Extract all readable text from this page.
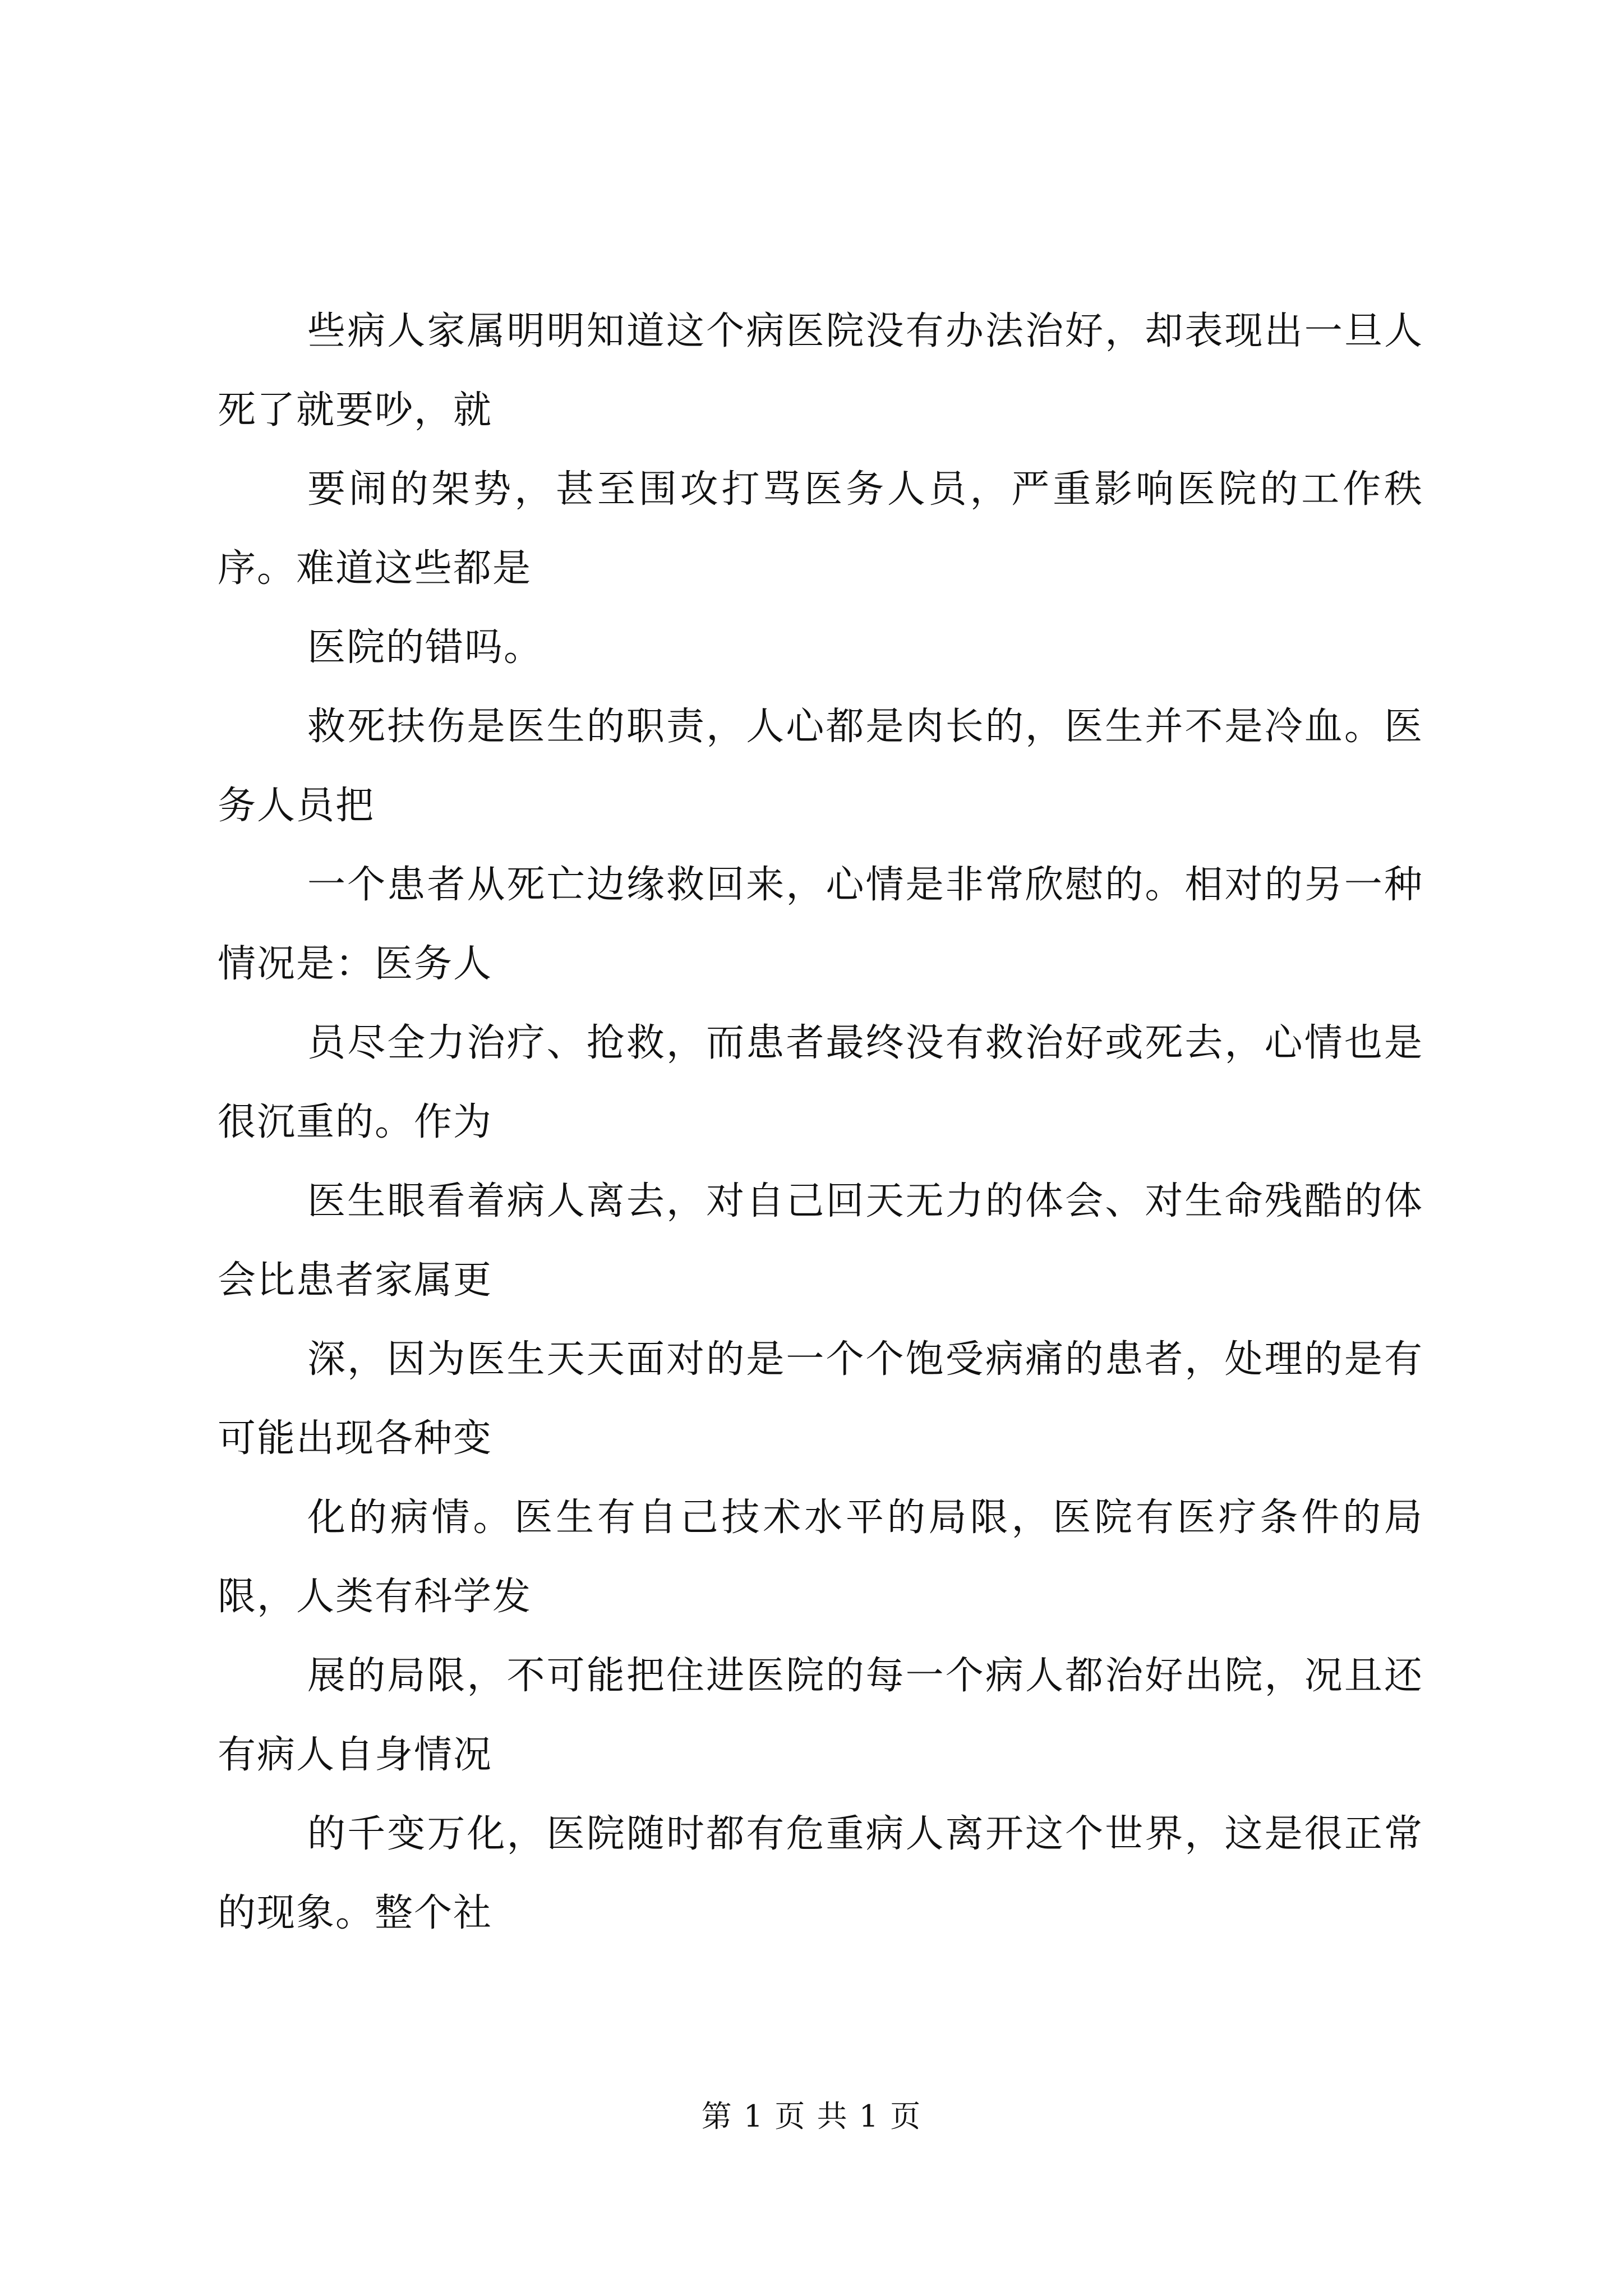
些病人家属明明知道这个病医院没有办法治好，却表现出一旦人死了就要吵，就

要闹的架势，甚至围攻打骂医务人员，严重影响医院的工作秩序。难道这些都是

医院的错吗。

救死扶伤是医生的职责，人心都是肉长的，医生并不是冷血。医务人员把

一个患者从死亡边缘救回来，心情是非常欣慰的。相对的另一种情况是：医务人

员尽全力治疗、抢救，而患者最终没有救治好或死去，心情也是很沉重的。作为

医生眼看着病人离去，对自己回天无力的体会、对生命残酷的体会比患者家属更

深，因为医生天天面对的是一个个饱受病痛的患者，处理的是有可能出现各种变

化的病情。医生有自己技术水平的局限，医院有医疗条件的局限，人类有科学发

展的局限，不可能把住进医院的每一个病人都治好出院，况且还有病人自身情况

的千变万化，医院随时都有危重病人离开这个世界，这是很正常的现象。整个社

第 1 页 共 1 页
